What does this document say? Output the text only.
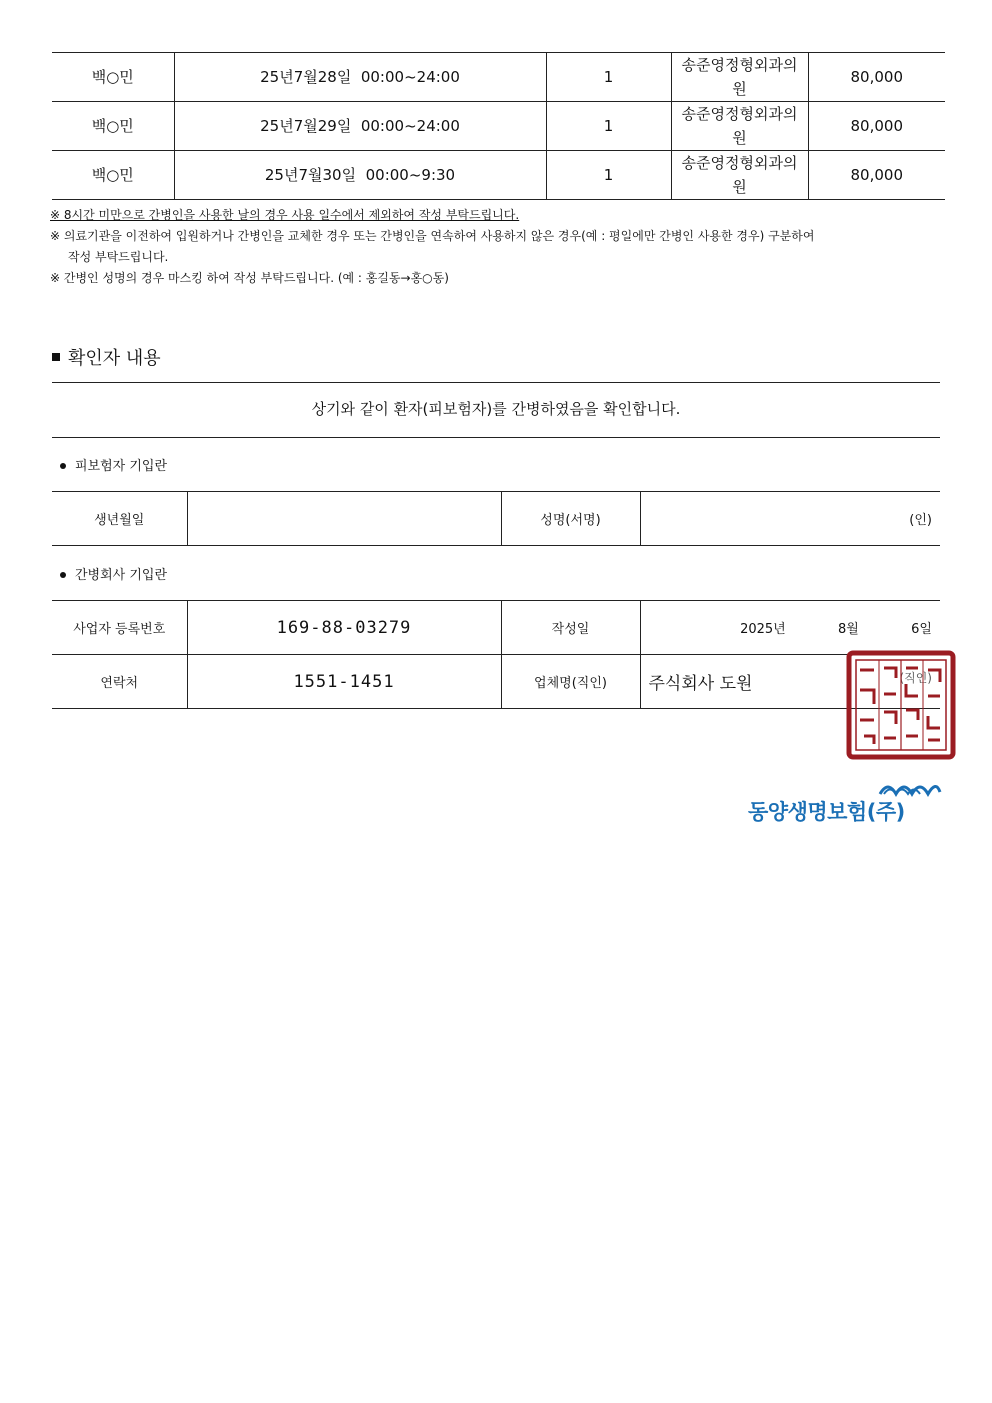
백○민	25년7월28일  00:00~24:00	1	송준영정형외과의원	80,000
백○민	25년7월29일  00:00~24:00	1	송준영정형외과의원	80,000
백○민	25년7월30일  00:00~9:30	1	송준영정형외과의원	80,000

※ 8시간 미만으로 간병인을 사용한 날의 경우 사용 일수에서 제외하여 작성 부탁드립니다.

※ 의료기관을 이전하여 입원하거나 간병인을 교체한 경우 또는 간병인을 연속하여 사용하지 않은 경우(예 : 평일에만 간병인 사용한 경우) 구분하여

작성 부탁드립니다.

※ 간병인 성명의 경우 마스킹 하여 작성 부탁드립니다. (예 : 홍길동→홍○동)

확인자 내용
상기와 같이 환자(피보험자)를 간병하였음을 확인합니다.
피보험자 기입란
생년월일		성명(서명)	(인)
간병회사 기입란
사업자 등록번호	169-88-03279	작성일	2025년 8월 6일
연락처	1551-1451	업체명(직인)	주식회사 도원 (직인)
동양생명보험(주)
